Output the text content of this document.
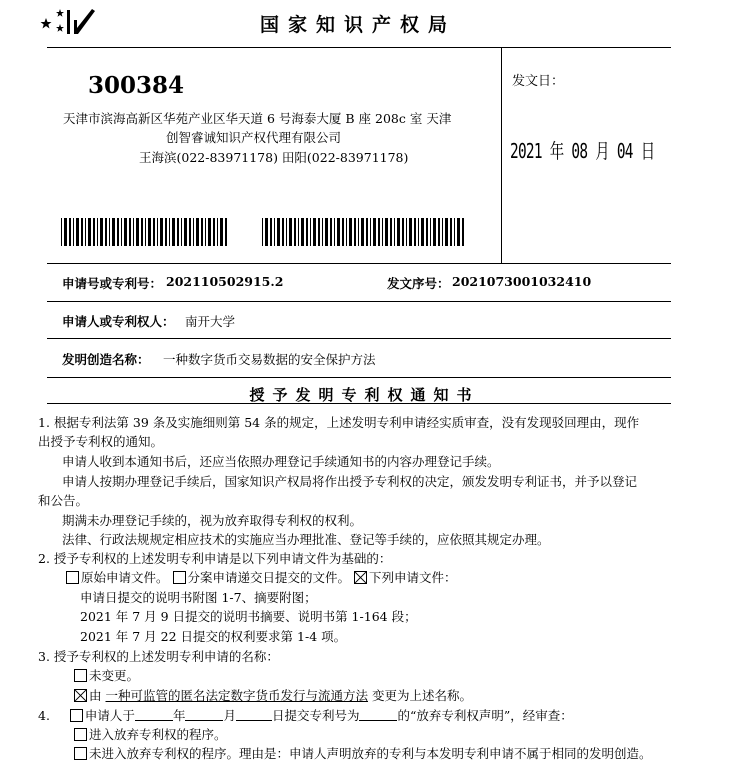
国家知识产权局
300384
天津市滨海高新区华苑产业区华天道 6 号海泰大厦 B 座 208c 室 天津
创智睿诚知识产权代理有限公司
王海滨(022-83971178) 田阳(022-83971178)
发文日：
2021 年 08 月 04 日
申请号或专利号： 202110502915.2	发文序号： 2021073001032410
申请人或专利权人： 南开大学
发明创造名称： 一种数字货币交易数据的安全保护方法
授予发明专利权通知书
1. 根据专利法第 39 条及实施细则第 54 条的规定，上述发明专利申请经实质审查，没有发现驳回理由，现作
出授予专利权的通知。
申请人收到本通知书后，还应当依照办理登记手续通知书的内容办理登记手续。
申请人按期办理登记手续后，国家知识产权局将作出授予专利权的决定，颁发发明专利证书，并予以登记
和公告。
期满未办理登记手续的，视为放弃取得专利权的权利。
法律、行政法规规定相应技术的实施应当办理批准、登记等手续的，应依照其规定办理。
2. 授予专利权的上述发明专利申请是以下列申请文件为基础的：
原始申请文件。 分案申请递交日提交的文件。 下列申请文件：
申请日提交的说明书附图 1-7、摘要附图；
2021 年 7 月 9 日提交的说明书摘要、说明书第 1-164 段；
2021 年 7 月 22 日提交的权利要求第 1-4 项。
3. 授予专利权的上述发明专利申请的名称：
未变更。
由 一种可监管的匿名法定数字货币发行与流通方法 变更为上述名称。
4.	申请人于	年	月	日提交专利号为	的“放弃专利权声明”，经审查：
进入放弃专利权的程序。
未进入放弃专利权的程序。理由是：申请人声明放弃的专利与本发明专利申请不属于相同的发明创造。
